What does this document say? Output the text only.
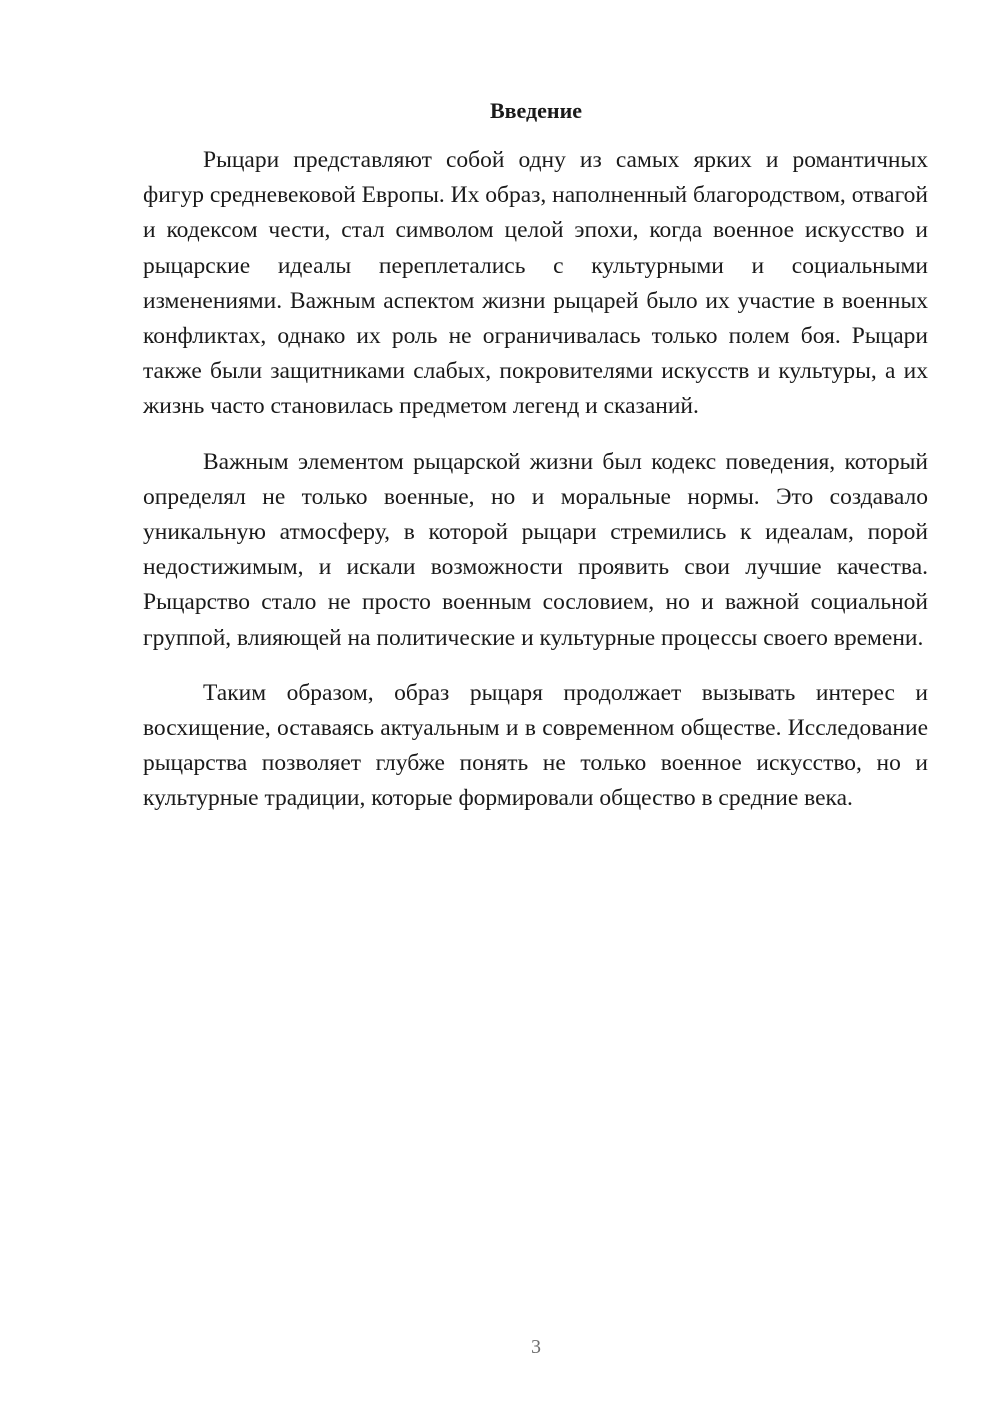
Введение

Рыцари представляют собой одну из самых ярких и романтичных фигур средневековой Европы. Их образ, наполненный благородством, отвагой и кодексом чести, стал символом целой эпохи, когда военное искусство и рыцарские идеалы переплетались с культурными и социальными изменениями. Важным аспектом жизни рыцарей было их участие в военных конфликтах, однако их роль не ограничивалась только полем боя. Рыцари также были защитниками слабых, покровителями искусств и культуры, а их жизнь часто становилась предметом легенд и сказаний.

Важным элементом рыцарской жизни был кодекс поведения, который определял не только военные, но и моральные нормы. Это создавало уникальную атмосферу, в которой рыцари стремились к идеалам, порой недостижимым, и искали возможности проявить свои лучшие качества. Рыцарство стало не просто военным сословием, но и важной социальной группой, влияющей на политические и культурные процессы своего времени.

Таким образом, образ рыцаря продолжает вызывать интерес и восхищение, оставаясь актуальным и в современном обществе. Исследование рыцарства позволяет глубже понять не только военное искусство, но и культурные традиции, которые формировали общество в средние века.

3
